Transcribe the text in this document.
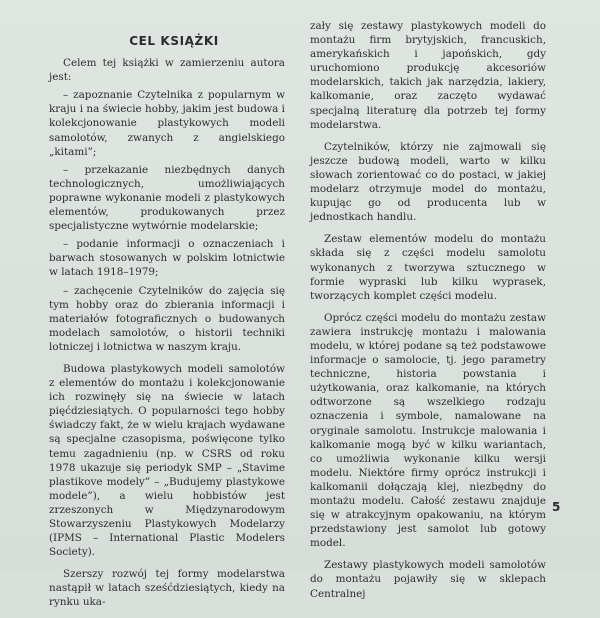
CEL KSIĄŻKI

Celem tej książki w zamierzeniu autora jest:

– zapoznanie Czytelnika z popularnym w kraju i na świecie hobby, jakim jest budowa i kolekcjonowanie plastykowych modeli samolotów, zwanych z angielskiego „kitami”;

– przekazanie niezbędnych danych technologicznych, umożliwiających poprawne wykonanie modeli z plastykowych elementów, produkowanych przez specjalistyczne wytwórnie modelarskie;

– podanie informacji o oznaczeniach i barwach stosowanych w polskim lotnictwie w latach 1918–1979;

– zachęcenie Czytelników do zajęcia się tym hobby oraz do zbierania informacji i materiałów fotograficznych o budowanych modelach samolotów, o historii techniki lotniczej i lotnictwa w naszym kraju.

Budowa plastykowych modeli samolotów z elementów do montażu i kolekcjonowanie ich rozwinęły się na świecie w latach pięćdziesiątych. O popularności tego hobby świadczy fakt, że w wielu krajach wydawane są specjalne czasopisma, poświęcone tylko temu zagadnieniu (np. w CSRS od roku 1978 ukazuje się periodyk SMP – „Stavime plastikove modely” – „Budujemy plastykowe modele”), a wielu hobbistów jest zrzeszonych w Międzynarodowym Stowarzyszeniu Plastykowych Modelarzy (IPMS – International Plastic Modelers Society).

Szerszy rozwój tej formy modelarstwa nastąpił w latach sześćdziesiątych, kiedy na rynku uka-

zały się zestawy plastykowych modeli do montażu firm brytyjskich, francuskich, amerykańskich i japońskich, gdy uruchomiono produkcję akcesoriów modelarskich, takich jak narzędzia, lakiery, kalkomanie, oraz zaczęto wydawać specjalną literaturę dla potrzeb tej formy modelarstwa.

Czytelników, którzy nie zajmowali się jeszcze budową modeli, warto w kilku słowach zorientować co do postaci, w jakiej modelarz otrzymuje model do montażu, kupując go od producenta lub w jednostkach handlu.

Zestaw elementów modelu do montażu składa się z części modelu samolotu wykonanych z tworzywa sztucznego w formie wypraski lub kilku wyprasek, tworzących komplet części modelu.

Oprócz części modelu do montażu zestaw zawiera instrukcję montażu i malowania modelu, w której podane są też podstawowe informacje o samolocie, tj. jego parametry techniczne, historia powstania i użytkowania, oraz kalkomanie, na których odtworzone są wszelkiego rodzaju oznaczenia i symbole, namalowane na oryginale samolotu. Instrukcje malowania i kalkomanie mogą być w kilku wariantach, co umożliwia wykonanie kilku wersji modelu. Niektóre firmy oprócz instrukcji i kalkomanii dołączają klej, niezbędny do montażu modelu. Całość zestawu znajduje się w atrakcyjnym opakowaniu, na którym przedstawiony jest samolot lub gotowy model.

Zestawy plastykowych modeli samolotów do montażu pojawiły się w sklepach Centralnej

5
